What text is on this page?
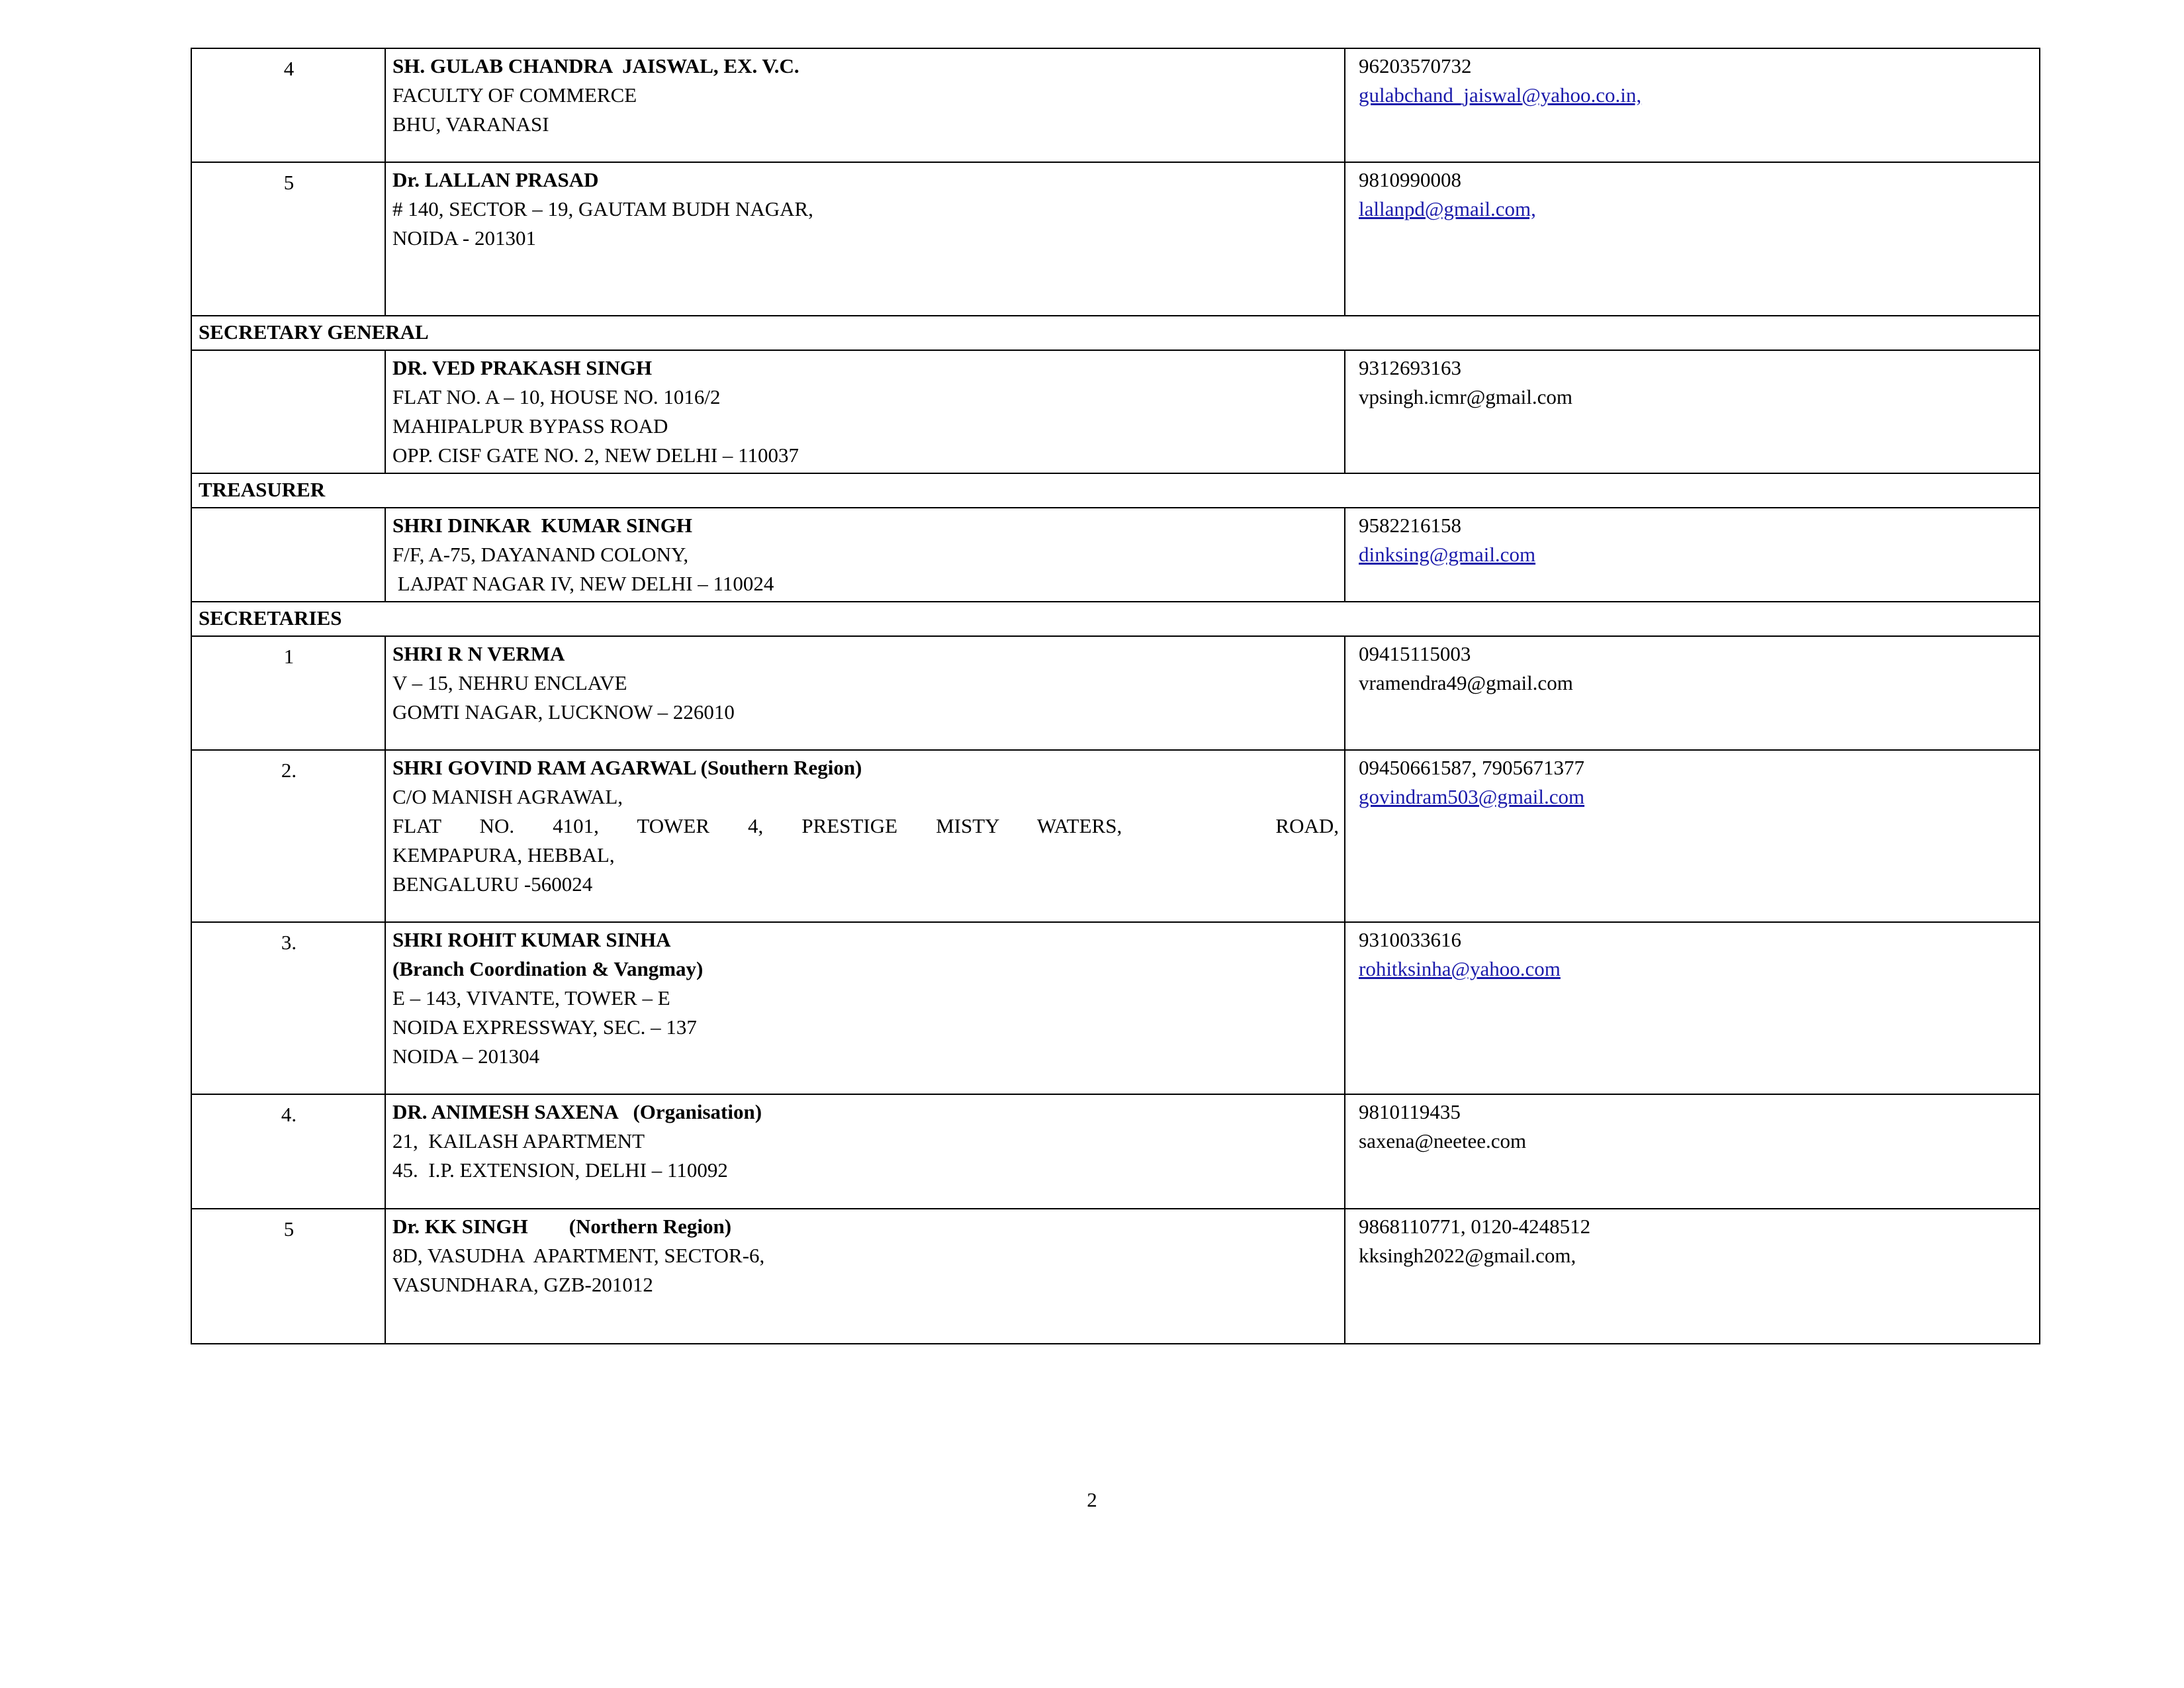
4	SH. GULAB CHANDRA  JAISWAL, EX. V.C.
FACULTY OF COMMERCE
BHU, VARANASI	96203570732
gulabchand_jaiswal@yahoo.co.in,

5	Dr. LALLAN PRASAD
# 140, SECTOR – 19, GAUTAM BUDH NAGAR,
NOIDA - 201301	9810990008
lallanpd@gmail.com,

SECRETARY GENERAL		

	DR. VED PRAKASH SINGH
FLAT NO. A – 10, HOUSE NO. 1016/2
MAHIPALPUR BYPASS ROAD
OPP. CISF GATE NO. 2, NEW DELHI – 110037	9312693163
vpsingh.icmr@gmail.com

TREASURER		

	SHRI DINKAR  KUMAR SINGH
F/F, A-75, DAYANAND COLONY,
LAJPAT NAGAR IV, NEW DELHI – 110024	9582216158
dinksing@gmail.com

SECRETARIES		
1	SHRI R N VERMA
V – 15, NEHRU ENCLAVE
GOMTI NAGAR, LUCKNOW – 226010	09415115003
vramendra49@gmail.com

2.	SHRI GOVIND RAM AGARWAL (Southern Region)
C/O MANISH AGRAWAL,
FLAT NO. 4101, TOWER 4, PRESTIGE MISTY WATERS,    ROAD,
KEMPAPURA, HEBBAL,
BENGALURU -560024	09450661587, 7905671377
govindram503@gmail.com

3.	SHRI ROHIT KUMAR SINHA
(Branch Coordination & Vangmay)
E – 143, VIVANTE, TOWER – E
NOIDA EXPRESSWAY, SEC. – 137
NOIDA – 201304	9310033616
rohitksinha@yahoo.com

4.	DR. ANIMESH SAXENA   (Organisation)
21,  KAILASH APARTMENT
45.  I.P. EXTENSION, DELHI – 110092	9810119435
saxena@neetee.com

5	Dr. KK SINGH        (Northern Region)
8D, VASUDHA  APARTMENT, SECTOR-6,
VASUNDHARA, GZB-201012	9868110771, 0120-4248512
kksingh2022@gmail.com,
2
